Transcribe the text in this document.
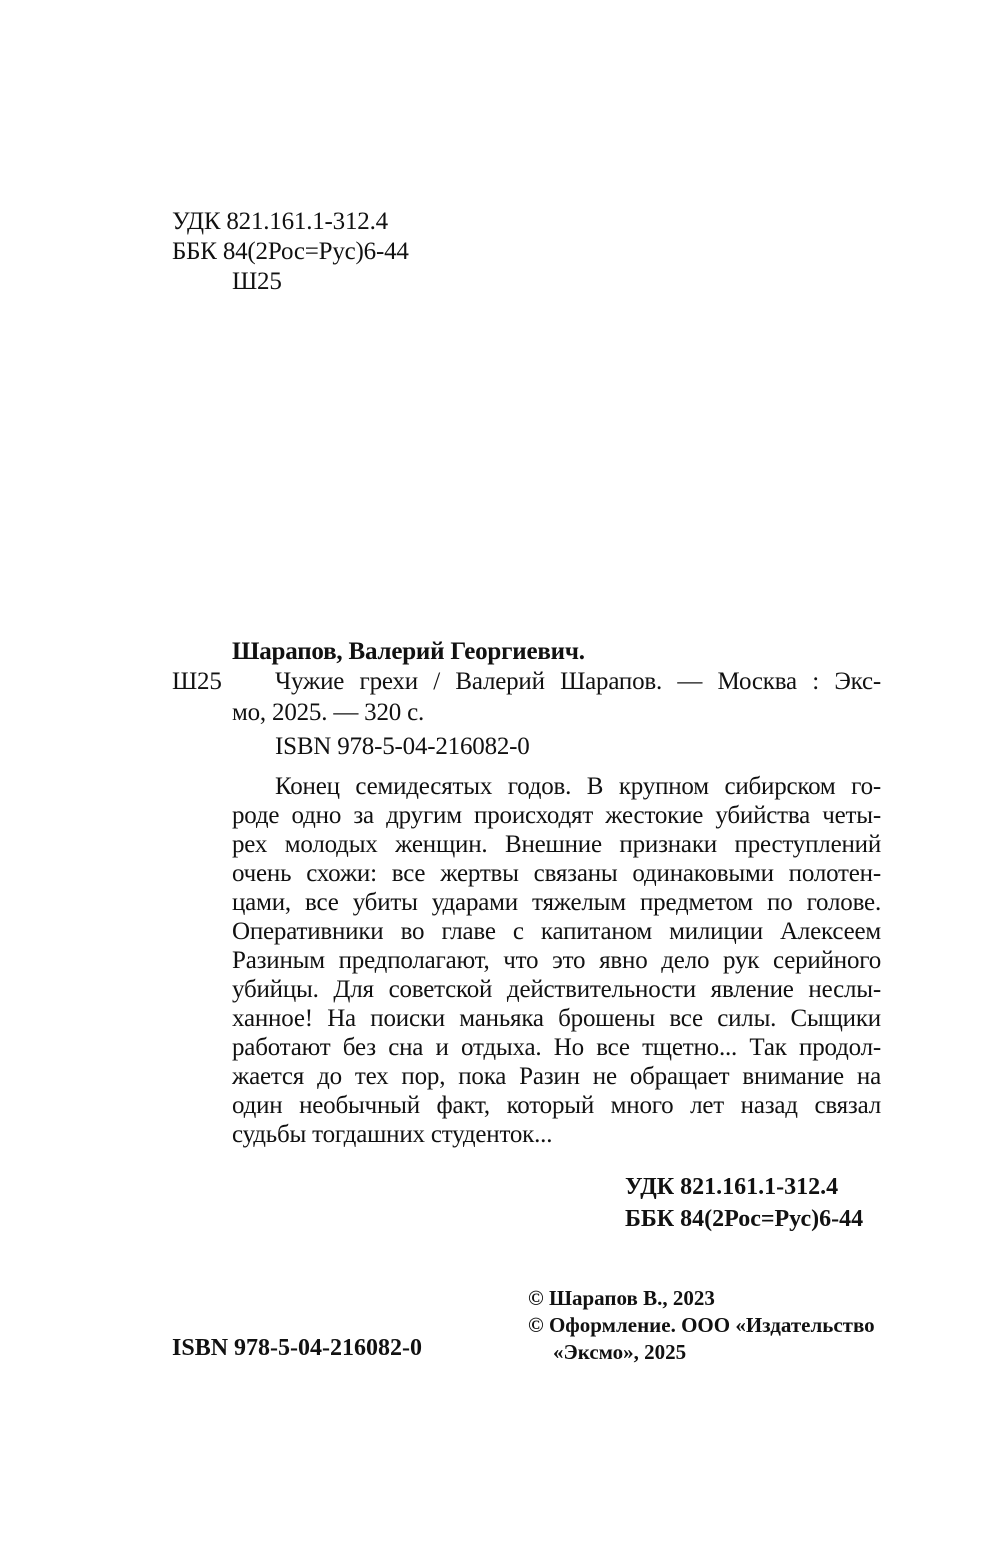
УДК 821.161.1-312.4

ББК 84(2Рос=Рус)6-44

Ш25

Шарапов, Валерий Георгиевич.

Ш25 Чужие грехи / Валерий Шарапов. — Москва : Экс-

мо, 2025. — 320 с.

ISBN 978-5-04-216082-0

Конец семидесятых годов. В крупном сибирском го-

роде одно за другим происходят жестокие убийства четы-

рех молодых женщин. Внешние признаки преступлений

очень схожи: все жертвы связаны одинаковыми полотен-

цами, все убиты ударами тяжелым предметом по голове.

Оперативники во главе с капитаном милиции Алексеем

Разиным предполагают, что это явно дело рук серийного

убийцы. Для советской действительности явление неслы-

ханное! На поиски маньяка брошены все силы. Сыщики

работают без сна и отдыха. Но все тщетно... Так продол-

жается до тех пор, пока Разин не обращает внимание на

один необычный факт, который много лет назад связал

судьбы тогдашних студенток...

УДК 821.161.1-312.4

ББК 84(2Рос=Рус)6-44

© Шарапов В., 2023

© Оформление. ООО «Издательство

«Эксмо», 2025

ISBN 978-5-04-216082-0
